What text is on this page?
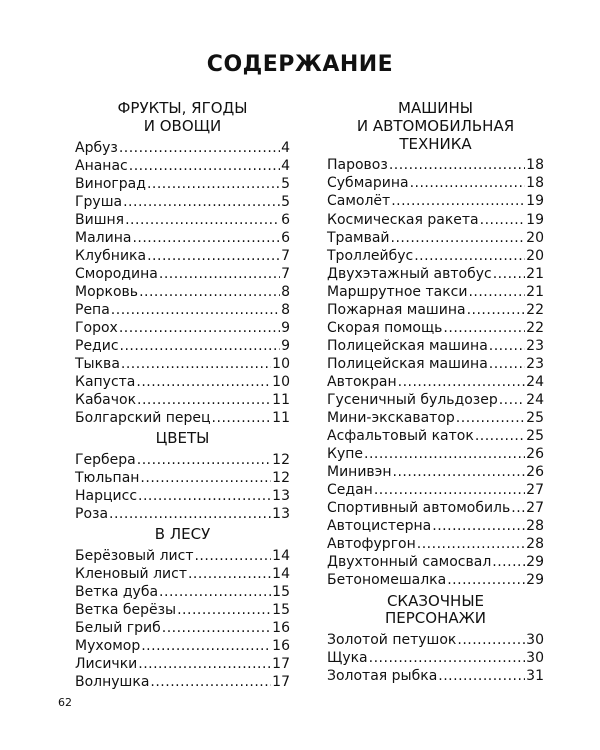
СОДЕРЖАНИЕ
ФРУКТЫ, ЯГОДЫ
И ОВОЩИ
Арбуз .....	4
Ананас .....	4
Виноград .....	5
Груша .....	5
Вишня .....	6
Малина .....	6
Клубника .....	7
Смородина .....	7
Морковь .....	8
Репа .....	8
Горох .....	9
Редис .....	9
Тыква .....	10
Капуста .....	10
Кабачок .....	11
Болгарский перец .....	11
ЦВЕТЫ
Гербера .....	12
Тюльпан .....	12
Нарцисс .....	13
Роза .....	13
В ЛЕСУ
Берёзовый лист .....	14
Кленовый лист .....	14
Ветка дуба .....	15
Ветка берёзы .....	15
Белый гриб .....	16
Мухомор .....	16
Лисички .....	17
Волнушка .....	17
МАШИНЫ
И АВТОМОБИЛЬНАЯ
ТЕХНИКА
Паровоз .....	18
Субмарина .....	18
Самолёт .....	19
Космическая ракета .....	19
Трамвай .....	20
Троллейбус .....	20
Двухэтажный автобус ..... 21
Маршрутное такси .....	21
Пожарная машина .....	22
Скорая помощь .....	22
Полицейская машина .....	23
Полицейская машина .....	23
Автокран .....	24
Гусеничный бульдозер ..... 24
Мини-экскаватор .....	25
Асфальтовый каток .....	25
Купе .....	26
Минивэн .....	26
Седан .....	27
Спортивный автомобиль ..... 27
Автоцистерна .....	28
Автофургон .....	28
Двухтонный самосвал ..... 29
Бетономешалка .....	29
СКАЗОЧНЫЕ
ПЕРСОНАЖИ
Золотой петушок .....	30
Щука .....	30
Золотая рыбка .....	31
62
